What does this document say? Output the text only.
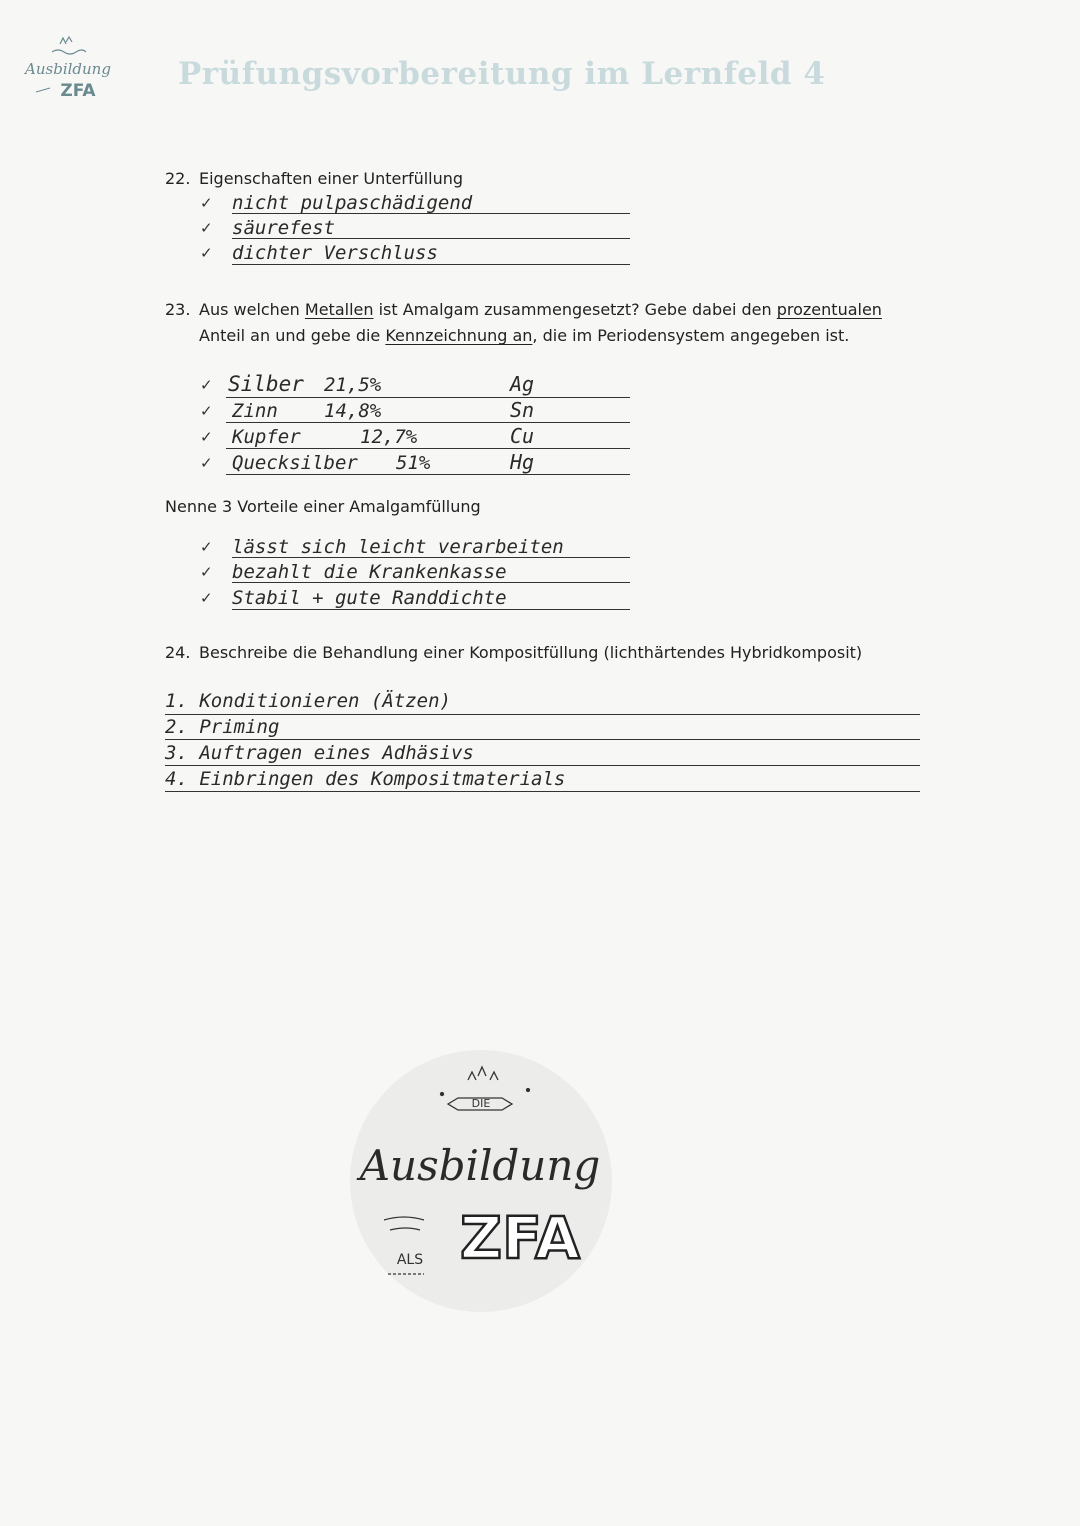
Ausbildung
ZFA	Prüfungsvorbereitung im Lernfeld 4
22. Eigenschaften einer Unterfüllung
✓ nicht pulpaschädigend
✓ säurefest
✓ dichter Verschluss
23. Aus welchen Metallen ist Amalgam zusammengesetzt? Gebe dabei den prozentualen
Anteil an und gebe die Kennzeichnung an, die im Periodensystem angegeben ist.
✓ Silber 21,5%	Ag
✓ Zinn 14,8%	Sn
✓ Kupfer	12,7%	Cu
✓ Quecksilber 51%	Hg
Nenne 3 Vorteile einer Amalgamfüllung
✓ lässt sich leicht verarbeiten
✓ bezahlt die Krankenkasse
✓ Stabil + gute Randdichte
24. Beschreibe die Behandlung einer Kompositfüllung (lichthärtendes Hybridkomposit)
1. Konditionieren (Ätzen)
2. Priming
3. Auftragen eines Adhäsivs
4. Einbringen des Kompositmaterials
DIE
Ausbildung
ALS ZFA
